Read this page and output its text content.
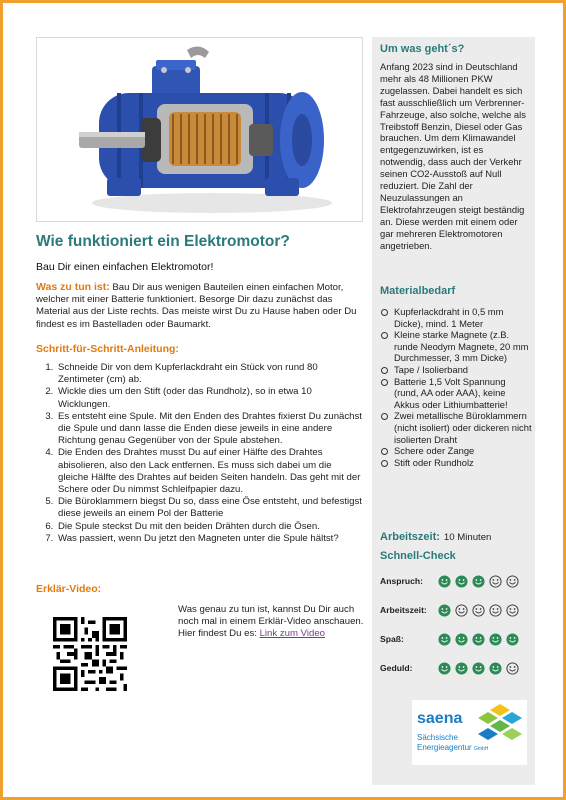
Wie funktioniert ein Elektromotor?

Bau Dir einen einfachen Elektromotor!

Was zu tun ist: Bau Dir aus wenigen Bauteilen einen einfachen Motor, welcher mit einer Batterie funktioniert. Besorge Dir dazu zunächst das Material aus der Liste rechts. Das meiste wirst Du zu Hause haben oder Du findest es im Bastelladen oder Baumarkt.

Schritt-für-Schritt-Anleitung:
1. Schneide Dir von dem Kupferlackdraht ein Stück von rund 80 Zentimeter (cm) ab.
2. Wickle dies um den Stift (oder das Rundholz), so in etwa 10 Wicklungen.
3. Es entsteht eine Spule. Mit den Enden des Drahtes fixierst Du zunächst die Spule und dann lasse die Enden diese jeweils in eine andere Richtung genau Gegenüber von der Spule abstehen.
4. Die Enden des Drahtes musst Du auf einer Hälfte des Drahtes abisolieren, also den Lack entfernen. Es muss sich dabei um die gleiche Hälfte des Drahtes auf beiden Seiten handeln. Das geht mit der Schere oder Du nimmst Schleifpapier dazu.
5. Die Büroklammern biegst Du so, dass eine Öse entsteht, und befestigst diese jeweils an einem Pol der Batterie
6. Die Spule steckst Du mit den beiden Drähten durch die Ösen.
7. Was passiert, wenn Du jetzt den Magneten unter die Spule hältst?
Erklär-Video:

Was genau zu tun ist, kannst Du Dir auch noch mal in einem Erklär-Video anschauen. Hier findest Du es: Link zum Video

Um was geht´s?

Anfang 2023 sind in Deutschland mehr als 48 Millionen PKW zugelassen. Dabei handelt es sich fast ausschließlich um Verbrenner-Fahrzeuge, also solche, welche als Treibstoff Benzin, Diesel oder Gas brauchen. Um dem Klimawandel entgegenzuwirken, ist es notwendig, dass auch der Verkehr seinen CO2-Ausstoß auf Null reduziert. Die Zahl der Neuzulassungen an Elektrofahrzeugen steigt beständig an. Diese werden mit einem oder gar mehreren Elektromotoren angetrieben.

Materialbedarf
Kupferlackdraht in 0,5 mm Dicke), mind. 1 Meter
Kleine starke Magnete (z.B. runde Neodym Magnete, 20 mm Durchmesser, 3 mm Dicke)
Tape / Isolierband
Batterie 1,5 Volt Spannung (rund, AA oder AAA), keine Akkus oder Lithiumbatterie!
Zwei metallische Büroklammern (nicht isoliert) oder dickeren nicht isolierten Draht
Schere oder Zange
Stift oder Rundholz
Arbeitszeit: 10 Minuten
Schnell-Check
Anspruch:
Arbeitszeit:
Spaß:
Geduld:
saena
Sächsische
Energieagentur GmbH
